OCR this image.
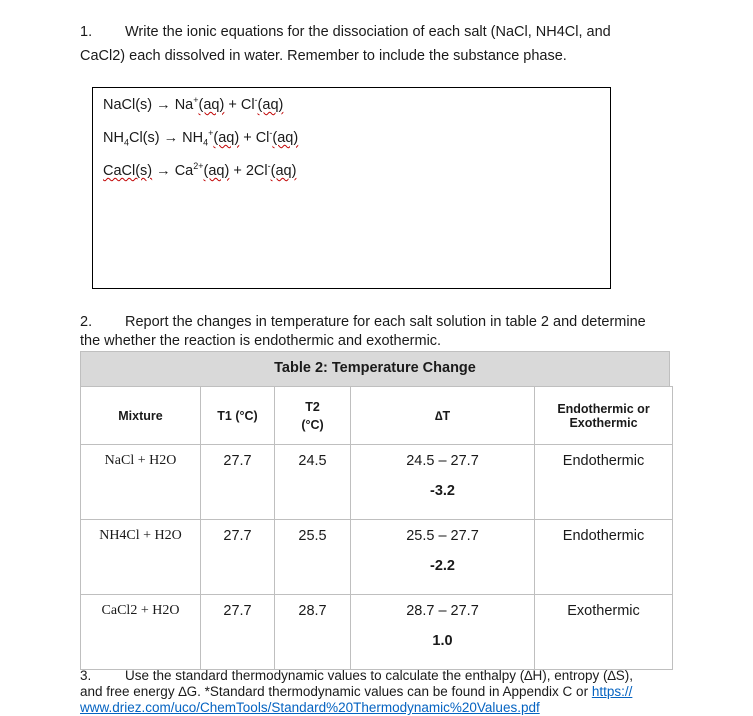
1. Write the ionic equations for the dissociation of each salt (NaCl, NH4Cl, and
CaCl2) each dissolved in water. Remember to include the substance phase.
NaCl(s) → Na+(aq) + Cl-(aq)
$NH_4Cl(s) \to NH_4^+(aq) + Cl^-(aq)$
CaCl(s) → $Ca^{2+}(aq) + 2Cl^-(aq)$
2. Report the changes in temperature for each salt solution in table 2 and determine
the whether the reaction is endothermic and exothermic.
Table 2: Temperature Change
Mixture	T1 (°C)	T2
(°C)	∆T	Endothermic or Exothermic

NaCl + H2O	27.7	24.5	24.5 – 27.7
-3.2	Endothermic

NH4Cl + H2O	27.7	25.5	25.5 – 27.7
-2.2	Endothermic

CaCl2 + H2O	27.7	28.7	28.7 – 27.7
1.0	Exothermic
3. Use the standard thermodynamic values to calculate the enthalpy (∆H), entropy (∆S),
and free energy ∆G. *Standard thermodynamic values can be found in Appendix C or https://
www.driez.com/uco/ChemTools/Standard%20Thermodynamic%20Values.pdf
